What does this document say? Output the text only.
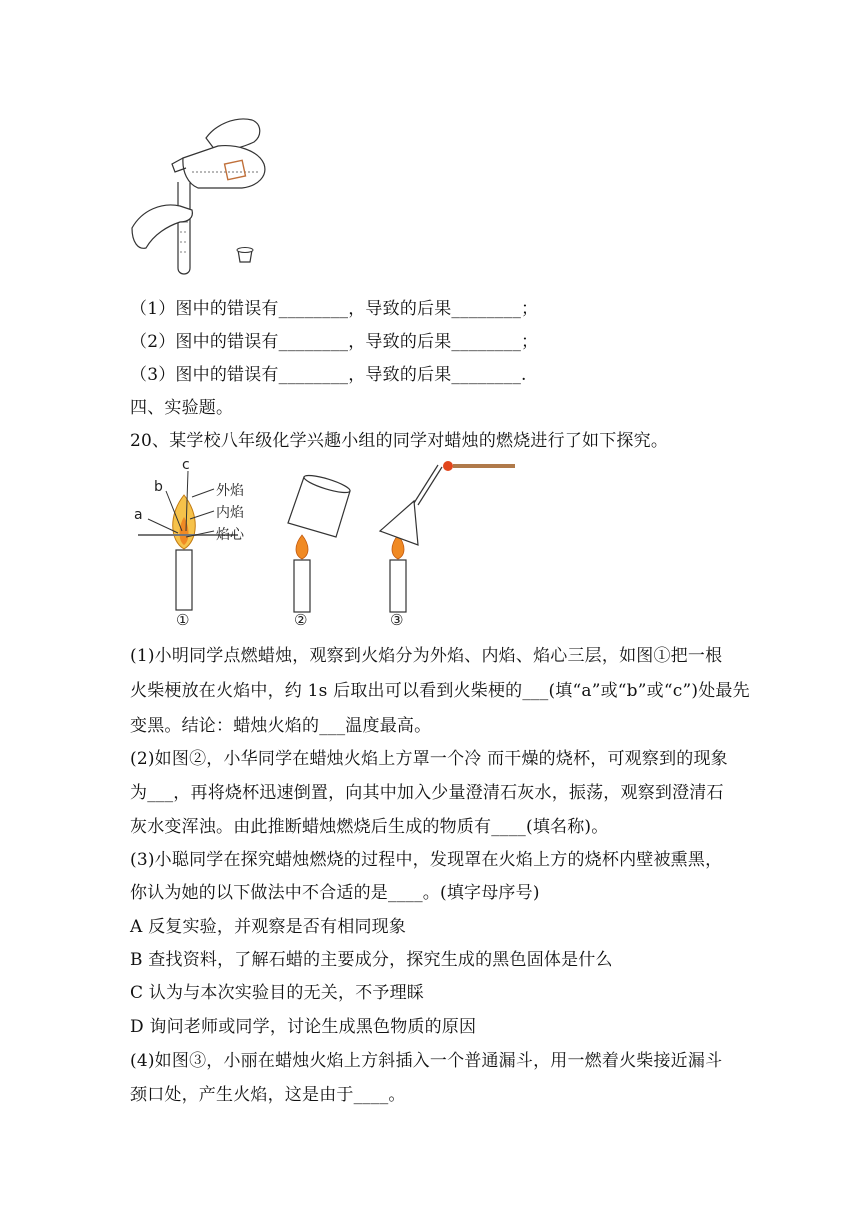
（1）图中的错误有________，导致的后果________；
（2）图中的错误有________，导致的后果________；
（3）图中的错误有________，导致的后果________.
四、实验题。
20、某学校八年级化学兴趣小组的同学对蜡烛的燃烧进行了如下探究。
a
b
c
外焰
内焰
焰心
①	②	③
(1)小明同学点燃蜡烛，观察到火焰分为外焰、内焰、焰心三层，如图①把一根
火柴梗放在火焰中，约 1s 后取出可以看到火柴梗的___(填“a”或“b”或“c”)处最先
变黑。结论：蜡烛火焰的___温度最高。
(2)如图②，小华同学在蜡烛火焰上方罩一个冷 而干燥的烧杯，可观察到的现象
为___，再将烧杯迅速倒置，向其中加入少量澄清石灰水，振荡，观察到澄清石
灰水变浑浊。由此推断蜡烛燃烧后生成的物质有____(填名称)。
(3)小聪同学在探究蜡烛燃烧的过程中，发现罩在火焰上方的烧杯内壁被熏黑，
你认为她的以下做法中不合适的是____。(填字母序号)
A 反复实验，并观察是否有相同现象
B 查找资料，了解石蜡的主要成分，探究生成的黑色固体是什么
C 认为与本次实验目的无关，不予理睬
D 询问老师或同学，讨论生成黑色物质的原因
(4)如图③，小丽在蜡烛火焰上方斜插入一个普通漏斗，用一燃着火柴接近漏斗
颈口处，产生火焰，这是由于____。
